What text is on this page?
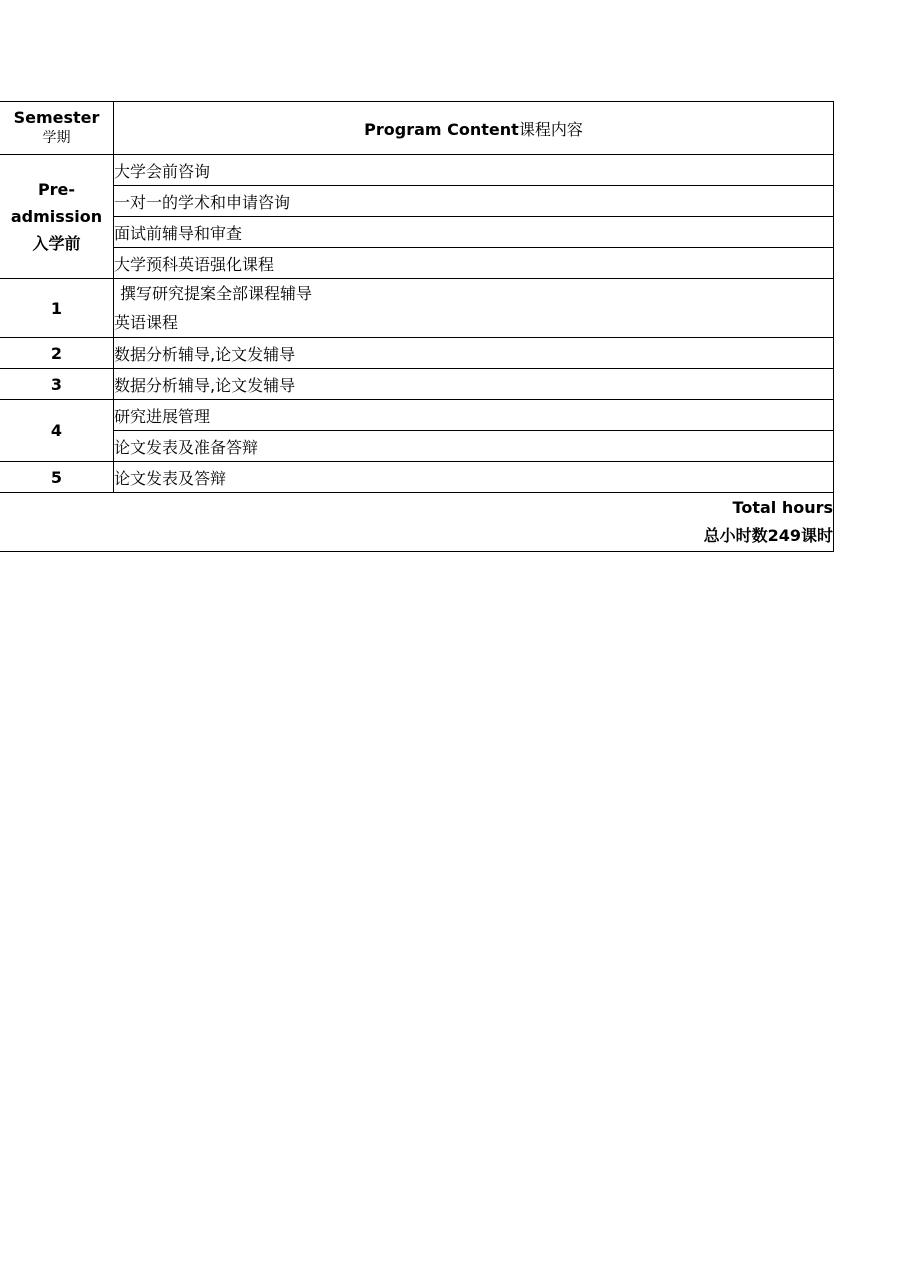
Semester
学期	Program Content课程内容

Pre-
admission
入学前	大学会前咨询
	一对一的学术和申请咨询
	面试前辅导和审查
	大学预科英语强化课程
1	撰写研究提案全部课程辅导
英语课程

2	数据分析辅导,论文发辅导
3	数据分析辅导,论文发辅导
4	研究进展管理
	论文发表及准备答辩
5	论文发表及答辩

Total hours
总小时数249课时	
